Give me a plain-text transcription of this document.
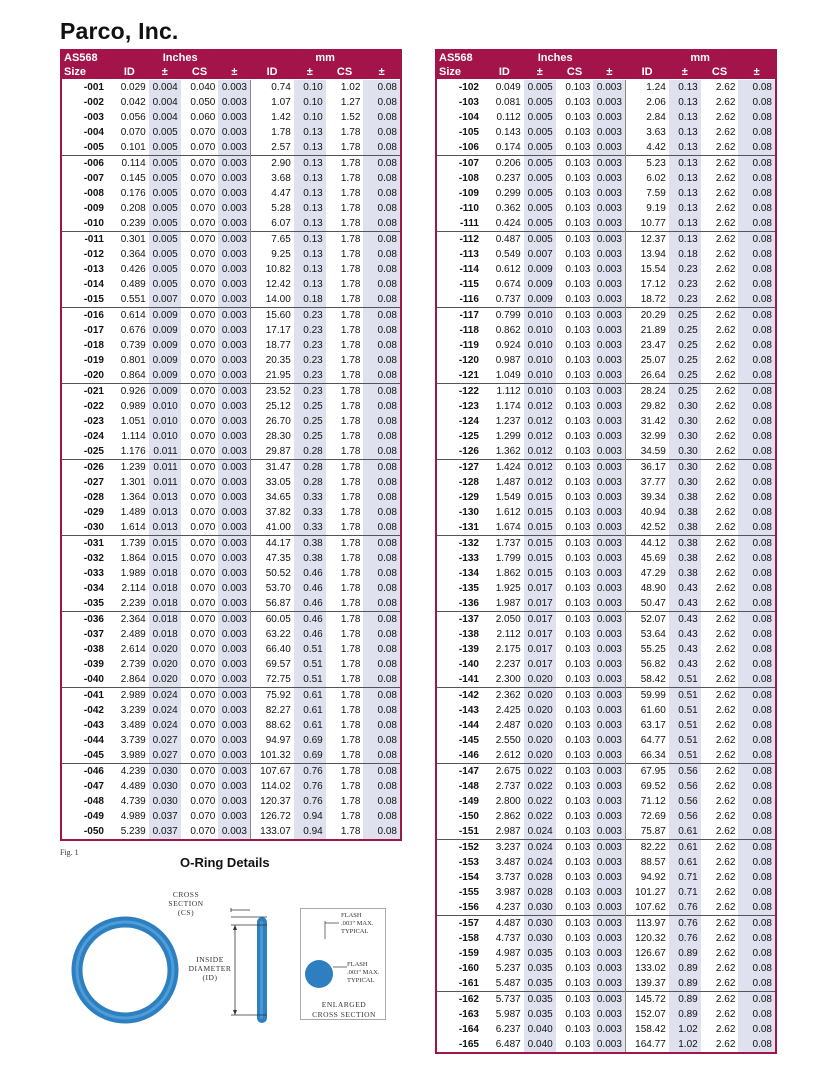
Parco, Inc.
AS568	Inches				mm			
Size	ID	±	CS	±	ID	±	CS	±
-001	0.029	0.004	0.040	0.003	0.74	0.10	1.02	0.08
-002	0.042	0.004	0.050	0.003	1.07	0.10	1.27	0.08
-003	0.056	0.004	0.060	0.003	1.42	0.10	1.52	0.08
-004	0.070	0.005	0.070	0.003	1.78	0.13	1.78	0.08
-005	0.101	0.005	0.070	0.003	2.57	0.13	1.78	0.08
-006	0.114	0.005	0.070	0.003	2.90	0.13	1.78	0.08
-007	0.145	0.005	0.070	0.003	3.68	0.13	1.78	0.08
-008	0.176	0.005	0.070	0.003	4.47	0.13	1.78	0.08
-009	0.208	0.005	0.070	0.003	5.28	0.13	1.78	0.08
-010	0.239	0.005	0.070	0.003	6.07	0.13	1.78	0.08
-011	0.301	0.005	0.070	0.003	7.65	0.13	1.78	0.08
-012	0.364	0.005	0.070	0.003	9.25	0.13	1.78	0.08
-013	0.426	0.005	0.070	0.003	10.82	0.13	1.78	0.08
-014	0.489	0.005	0.070	0.003	12.42	0.13	1.78	0.08
-015	0.551	0.007	0.070	0.003	14.00	0.18	1.78	0.08
-016	0.614	0.009	0.070	0.003	15.60	0.23	1.78	0.08
-017	0.676	0.009	0.070	0.003	17.17	0.23	1.78	0.08
-018	0.739	0.009	0.070	0.003	18.77	0.23	1.78	0.08
-019	0.801	0.009	0.070	0.003	20.35	0.23	1.78	0.08
-020	0.864	0.009	0.070	0.003	21.95	0.23	1.78	0.08
-021	0.926	0.009	0.070	0.003	23.52	0.23	1.78	0.08
-022	0.989	0.010	0.070	0.003	25.12	0.25	1.78	0.08
-023	1.051	0.010	0.070	0.003	26.70	0.25	1.78	0.08
-024	1.114	0.010	0.070	0.003	28.30	0.25	1.78	0.08
-025	1.176	0.011	0.070	0.003	29.87	0.28	1.78	0.08
-026	1.239	0.011	0.070	0.003	31.47	0.28	1.78	0.08
-027	1.301	0.011	0.070	0.003	33.05	0.28	1.78	0.08
-028	1.364	0.013	0.070	0.003	34.65	0.33	1.78	0.08
-029	1.489	0.013	0.070	0.003	37.82	0.33	1.78	0.08
-030	1.614	0.013	0.070	0.003	41.00	0.33	1.78	0.08
-031	1.739	0.015	0.070	0.003	44.17	0.38	1.78	0.08
-032	1.864	0.015	0.070	0.003	47.35	0.38	1.78	0.08
-033	1.989	0.018	0.070	0.003	50.52	0.46	1.78	0.08
-034	2.114	0.018	0.070	0.003	53.70	0.46	1.78	0.08
-035	2.239	0.018	0.070	0.003	56.87	0.46	1.78	0.08
-036	2.364	0.018	0.070	0.003	60.05	0.46	1.78	0.08
-037	2.489	0.018	0.070	0.003	63.22	0.46	1.78	0.08
-038	2.614	0.020	0.070	0.003	66.40	0.51	1.78	0.08
-039	2.739	0.020	0.070	0.003	69.57	0.51	1.78	0.08
-040	2.864	0.020	0.070	0.003	72.75	0.51	1.78	0.08
-041	2.989	0.024	0.070	0.003	75.92	0.61	1.78	0.08
-042	3.239	0.024	0.070	0.003	82.27	0.61	1.78	0.08
-043	3.489	0.024	0.070	0.003	88.62	0.61	1.78	0.08
-044	3.739	0.027	0.070	0.003	94.97	0.69	1.78	0.08
-045	3.989	0.027	0.070	0.003	101.32	0.69	1.78	0.08
-046	4.239	0.030	0.070	0.003	107.67	0.76	1.78	0.08
-047	4.489	0.030	0.070	0.003	114.02	0.76	1.78	0.08
-048	4.739	0.030	0.070	0.003	120.37	0.76	1.78	0.08
-049	4.989	0.037	0.070	0.003	126.72	0.94	1.78	0.08
-050	5.239	0.037	0.070	0.003	133.07	0.94	1.78	0.08
AS568	Inches				mm			
Size	ID	±	CS	±	ID	±	CS	±
-102	0.049	0.005	0.103	0.003	1.24	0.13	2.62	0.08
-103	0.081	0.005	0.103	0.003	2.06	0.13	2.62	0.08
-104	0.112	0.005	0.103	0.003	2.84	0.13	2.62	0.08
-105	0.143	0.005	0.103	0.003	3.63	0.13	2.62	0.08
-106	0.174	0.005	0.103	0.003	4.42	0.13	2.62	0.08
-107	0.206	0.005	0.103	0.003	5.23	0.13	2.62	0.08
-108	0.237	0.005	0.103	0.003	6.02	0.13	2.62	0.08
-109	0.299	0.005	0.103	0.003	7.59	0.13	2.62	0.08
-110	0.362	0.005	0.103	0.003	9.19	0.13	2.62	0.08
-111	0.424	0.005	0.103	0.003	10.77	0.13	2.62	0.08
-112	0.487	0.005	0.103	0.003	12.37	0.13	2.62	0.08
-113	0.549	0.007	0.103	0.003	13.94	0.18	2.62	0.08
-114	0.612	0.009	0.103	0.003	15.54	0.23	2.62	0.08
-115	0.674	0.009	0.103	0.003	17.12	0.23	2.62	0.08
-116	0.737	0.009	0.103	0.003	18.72	0.23	2.62	0.08
-117	0.799	0.010	0.103	0.003	20.29	0.25	2.62	0.08
-118	0.862	0.010	0.103	0.003	21.89	0.25	2.62	0.08
-119	0.924	0.010	0.103	0.003	23.47	0.25	2.62	0.08
-120	0.987	0.010	0.103	0.003	25.07	0.25	2.62	0.08
-121	1.049	0.010	0.103	0.003	26.64	0.25	2.62	0.08
-122	1.112	0.010	0.103	0.003	28.24	0.25	2.62	0.08
-123	1.174	0.012	0.103	0.003	29.82	0.30	2.62	0.08
-124	1.237	0.012	0.103	0.003	31.42	0.30	2.62	0.08
-125	1.299	0.012	0.103	0.003	32.99	0.30	2.62	0.08
-126	1.362	0.012	0.103	0.003	34.59	0.30	2.62	0.08
-127	1.424	0.012	0.103	0.003	36.17	0.30	2.62	0.08
-128	1.487	0.012	0.103	0.003	37.77	0.30	2.62	0.08
-129	1.549	0.015	0.103	0.003	39.34	0.38	2.62	0.08
-130	1.612	0.015	0.103	0.003	40.94	0.38	2.62	0.08
-131	1.674	0.015	0.103	0.003	42.52	0.38	2.62	0.08
-132	1.737	0.015	0.103	0.003	44.12	0.38	2.62	0.08
-133	1.799	0.015	0.103	0.003	45.69	0.38	2.62	0.08
-134	1.862	0.015	0.103	0.003	47.29	0.38	2.62	0.08
-135	1.925	0.017	0.103	0.003	48.90	0.43	2.62	0.08
-136	1.987	0.017	0.103	0.003	50.47	0.43	2.62	0.08
-137	2.050	0.017	0.103	0.003	52.07	0.43	2.62	0.08
-138	2.112	0.017	0.103	0.003	53.64	0.43	2.62	0.08
-139	2.175	0.017	0.103	0.003	55.25	0.43	2.62	0.08
-140	2.237	0.017	0.103	0.003	56.82	0.43	2.62	0.08
-141	2.300	0.020	0.103	0.003	58.42	0.51	2.62	0.08
-142	2.362	0.020	0.103	0.003	59.99	0.51	2.62	0.08
-143	2.425	0.020	0.103	0.003	61.60	0.51	2.62	0.08
-144	2.487	0.020	0.103	0.003	63.17	0.51	2.62	0.08
-145	2.550	0.020	0.103	0.003	64.77	0.51	2.62	0.08
-146	2.612	0.020	0.103	0.003	66.34	0.51	2.62	0.08
-147	2.675	0.022	0.103	0.003	67.95	0.56	2.62	0.08
-148	2.737	0.022	0.103	0.003	69.52	0.56	2.62	0.08
-149	2.800	0.022	0.103	0.003	71.12	0.56	2.62	0.08
-150	2.862	0.022	0.103	0.003	72.69	0.56	2.62	0.08
-151	2.987	0.024	0.103	0.003	75.87	0.61	2.62	0.08
-152	3.237	0.024	0.103	0.003	82.22	0.61	2.62	0.08
-153	3.487	0.024	0.103	0.003	88.57	0.61	2.62	0.08
-154	3.737	0.028	0.103	0.003	94.92	0.71	2.62	0.08
-155	3.987	0.028	0.103	0.003	101.27	0.71	2.62	0.08
-156	4.237	0.030	0.103	0.003	107.62	0.76	2.62	0.08
-157	4.487	0.030	0.103	0.003	113.97	0.76	2.62	0.08
-158	4.737	0.030	0.103	0.003	120.32	0.76	2.62	0.08
-159	4.987	0.035	0.103	0.003	126.67	0.89	2.62	0.08
-160	5.237	0.035	0.103	0.003	133.02	0.89	2.62	0.08
-161	5.487	0.035	0.103	0.003	139.37	0.89	2.62	0.08
-162	5.737	0.035	0.103	0.003	145.72	0.89	2.62	0.08
-163	5.987	0.035	0.103	0.003	152.07	0.89	2.62	0.08
-164	6.237	0.040	0.103	0.003	158.42	1.02	2.62	0.08
-165	6.487	0.040	0.103	0.003	164.77	1.02	2.62	0.08
Fig. 1
O-Ring Details
CROSS
SECTION
(CS)
INSIDE
DIAMETER
(ID)
FLASH
.003" MAX.
TYPICAL
FLASH
.003" MAX.
TYPICAL
ENLARGED
CROSS SECTION
